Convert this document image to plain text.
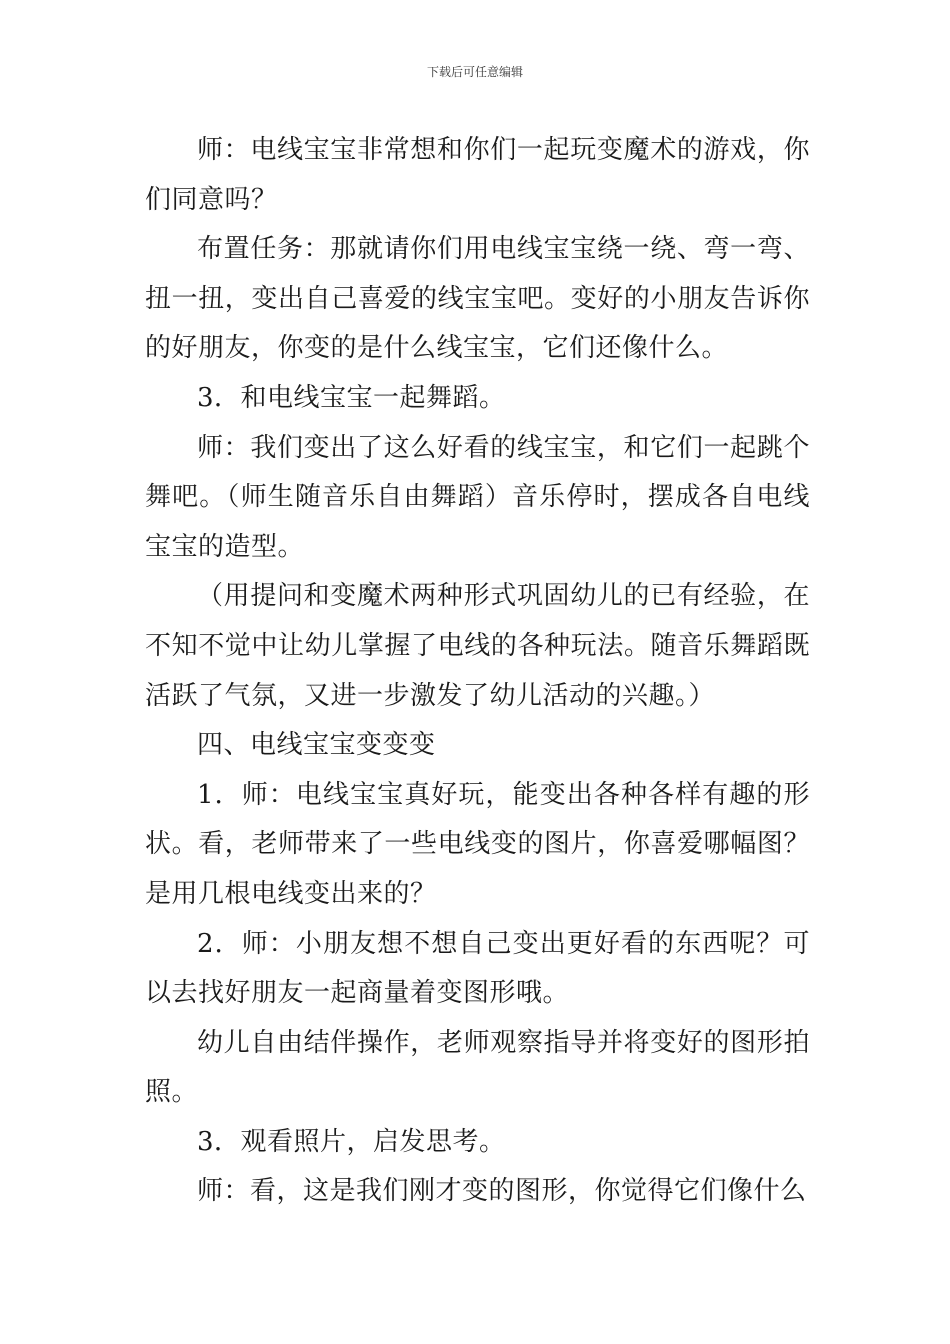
下载后可任意编辑

师：电线宝宝非常想和你们一起玩变魔术的游戏，你们同意吗？

布置任务：那就请你们用电线宝宝绕一绕、弯一弯、扭一扭，变出自己喜爱的线宝宝吧。变好的小朋友告诉你的好朋友，你变的是什么线宝宝，它们还像什么。

3．和电线宝宝一起舞蹈。

师：我们变出了这么好看的线宝宝，和它们一起跳个舞吧。（师生随音乐自由舞蹈）音乐停时，摆成各自电线宝宝的造型。

（用提问和变魔术两种形式巩固幼儿的已有经验，在不知不觉中让幼儿掌握了电线的各种玩法。随音乐舞蹈既活跃了气氛，又进一步激发了幼儿活动的兴趣。）

四、电线宝宝变变变

1．师：电线宝宝真好玩，能变出各种各样有趣的形状。看，老师带来了一些电线变的图片，你喜爱哪幅图？是用几根电线变出来的？

2．师：小朋友想不想自己变出更好看的东西呢？可以去找好朋友一起商量着变图形哦。

幼儿自由结伴操作，老师观察指导并将变好的图形拍照。

3．观看照片，启发思考。

师：看，这是我们刚才变的图形，你觉得它们像什么
